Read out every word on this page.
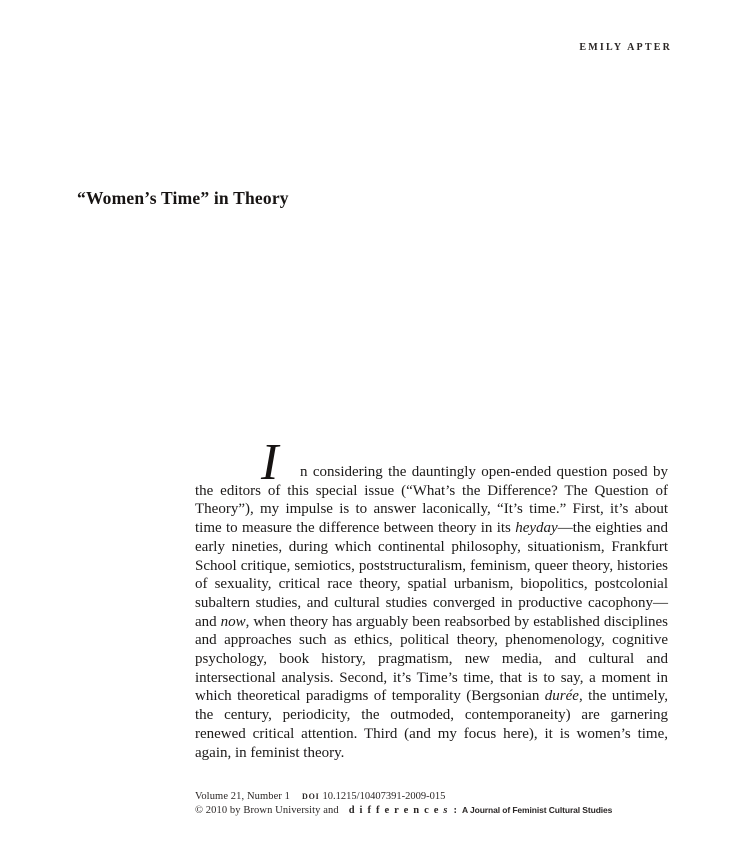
EMILY APTER
“Women’s Time” in Theory
I	n considering the dauntingly open-ended question posed by the editors of this special issue (“What’s the Difference? The Question of Theory”), my impulse is to answer laconically, “It’s time.” First, it’s about time to measure the difference between theory in its heyday—the eighties and early nineties, during which continental philosophy, situationism, Frankfurt School critique, semiotics, poststructuralism, feminism, queer theory, histories of sexuality, critical race theory, spatial urbanism, biopolitics, postcolonial subaltern studies, and cultural studies converged in productive cacophony—and now, when theory has arguably been reabsorbed by established disciplines and approaches such as ethics, political theory, phenomenology, cognitive psychology, book history, pragmatism, new media, and cultural and intersectional analysis. Second, it’s Time’s time, that is to say, a moment in which theoretical paradigms of temporality (Bergsonian durée, the untimely, the century, periodicity, the outmoded, contemporaneity) are garnering renewed critical attention. Third (and my focus here), it is women’s time, again, in feminist theory.

Volume 21, Number 1 DOI 10.1215/10407391-2009-015

© 2010 by Brown University and differences: A Journal of Feminist Cultural Studies
